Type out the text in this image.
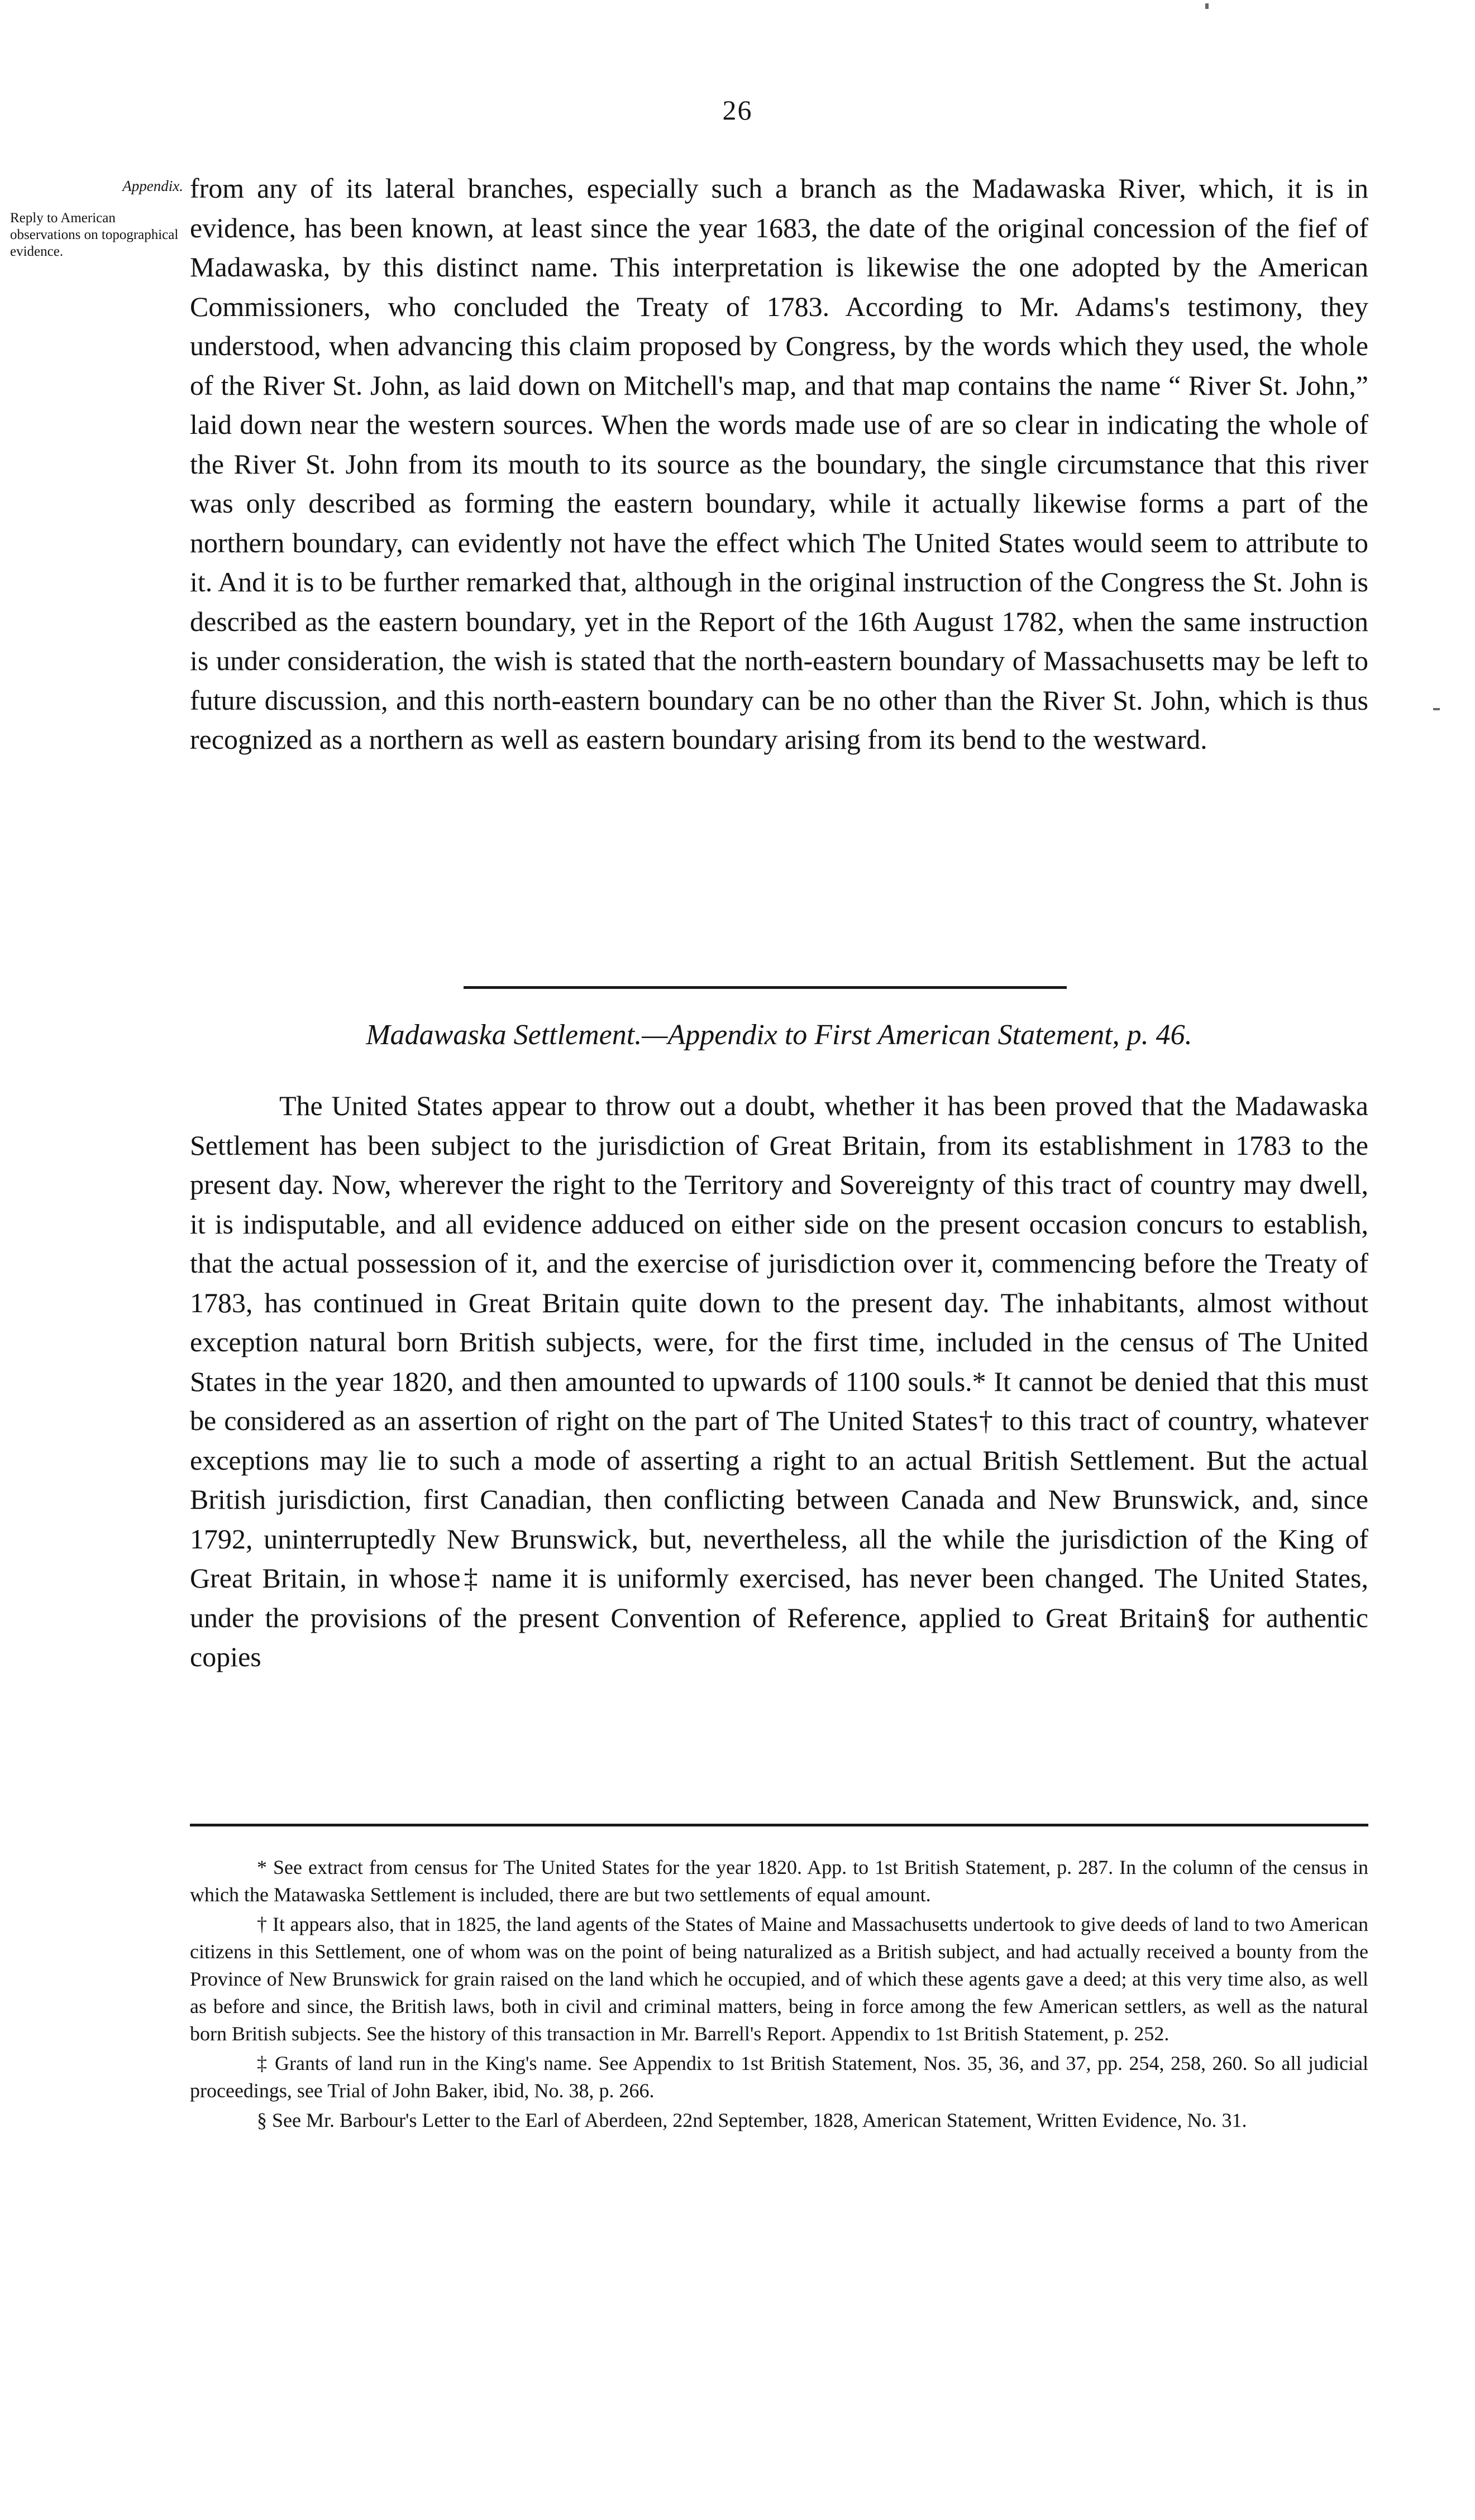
26
Appendix.
Reply to American observations on topographical evidence.

from any of its lateral branches, especially such a branch as the Madawaska River, which, it is in evidence, has been known, at least since the year 1683, the date of the original concession of the fief of Madawaska, by this distinct name. This interpretation is likewise the one adopted by the American Commissioners, who concluded the Treaty of 1783. According to Mr. Adams's testimony, they understood, when advancing this claim proposed by Congress, by the words which they used, the whole of the River St. John, as laid down on Mitchell's map, and that map contains the name “ River St. John,” laid down near the western sources. When the words made use of are so clear in indicating the whole of the River St. John from its mouth to its source as the boundary, the single circumstance that this river was only described as forming the eastern boundary, while it actually likewise forms a part of the northern boundary, can evidently not have the effect which The United States would seem to attribute to it. And it is to be further remarked that, although in the original instruction of the Congress the St. John is described as the eastern boundary, yet in the Report of the 16th August 1782, when the same instruction is under consideration, the wish is stated that the north-eastern boundary of Massachusetts may be left to future discussion, and this north-eastern boundary can be no other than the River St. John, which is thus recognized as a northern as well as eastern boundary arising from its bend to the westward.

Madawaska Settlement.—Appendix to First American Statement, p. 46.

The United States appear to throw out a doubt, whether it has been proved that the Madawaska Settlement has been subject to the jurisdiction of Great Britain, from its establishment in 1783 to the present day. Now, wherever the right to the Territory and Sovereignty of this tract of country may dwell, it is indisputable, and all evidence adduced on either side on the present occasion concurs to establish, that the actual possession of it, and the exercise of jurisdiction over it, commencing before the Treaty of 1783, has continued in Great Britain quite down to the present day. The inhabitants, almost without exception natural born British subjects, were, for the first time, included in the census of The United States in the year 1820, and then amounted to upwards of 1100 souls.* It cannot be denied that this must be considered as an assertion of right on the part of The United States† to this tract of country, whatever exceptions may lie to such a mode of asserting a right to an actual British Settlement. But the actual British jurisdiction, first Canadian, then conflicting between Canada and New Brunswick, and, since 1792, uninterruptedly New Brunswick, but, nevertheless, all the while the jurisdiction of the King of Great Britain, in whose‡ name it is uniformly exercised, has never been changed. The United States, under the provisions of the present Convention of Reference, applied to Great Britain§ for authentic copies

* See extract from census for The United States for the year 1820. App. to 1st British Statement, p. 287. In the column of the census in which the Matawaska Settlement is included, there are but two settlements of equal amount.

† It appears also, that in 1825, the land agents of the States of Maine and Massachusetts undertook to give deeds of land to two American citizens in this Settlement, one of whom was on the point of being naturalized as a British subject, and had actually received a bounty from the Province of New Brunswick for grain raised on the land which he occupied, and of which these agents gave a deed; at this very time also, as well as before and since, the British laws, both in civil and criminal matters, being in force among the few American settlers, as well as the natural born British subjects. See the history of this transaction in Mr. Barrell's Report. Appendix to 1st British Statement, p. 252.

‡ Grants of land run in the King's name. See Appendix to 1st British Statement, Nos. 35, 36, and 37, pp. 254, 258, 260. So all judicial proceedings, see Trial of John Baker, ibid, No. 38, p. 266.

§ See Mr. Barbour's Letter to the Earl of Aberdeen, 22nd September, 1828, American Statement, Written Evidence, No. 31.
